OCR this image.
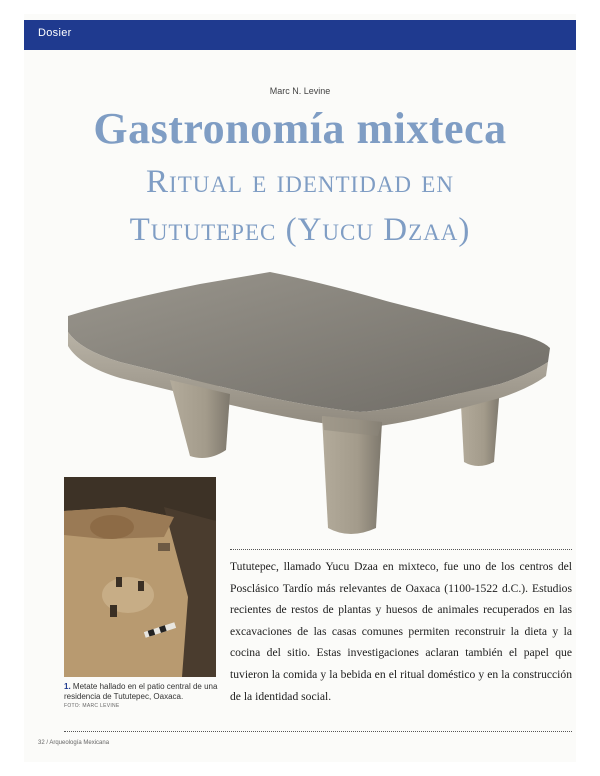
Dosier
Marc N. Levine
Gastronomía mixteca
Ritual e identidad en
Tututepec (Yucu Dzaa)
1. Metate hallado en el patio central de una residencia de Tututepec, Oaxaca.
FOTO: MARC LEVINE
Tututepec, llamado Yucu Dzaa en mixteco, fue uno de los centros del Posclásico Tardío más relevantes de Oaxaca (1100-1522 d.C.). Estudios recientes de restos de plantas y huesos de animales recuperados en las excavaciones de las casas comunes permiten reconstruir la dieta y la cocina del sitio. Estas investigaciones aclaran también el papel que tuvieron la comida y la bebida en el ritual doméstico y en la construcción de la identidad social.
32 / Arqueología Mexicana
